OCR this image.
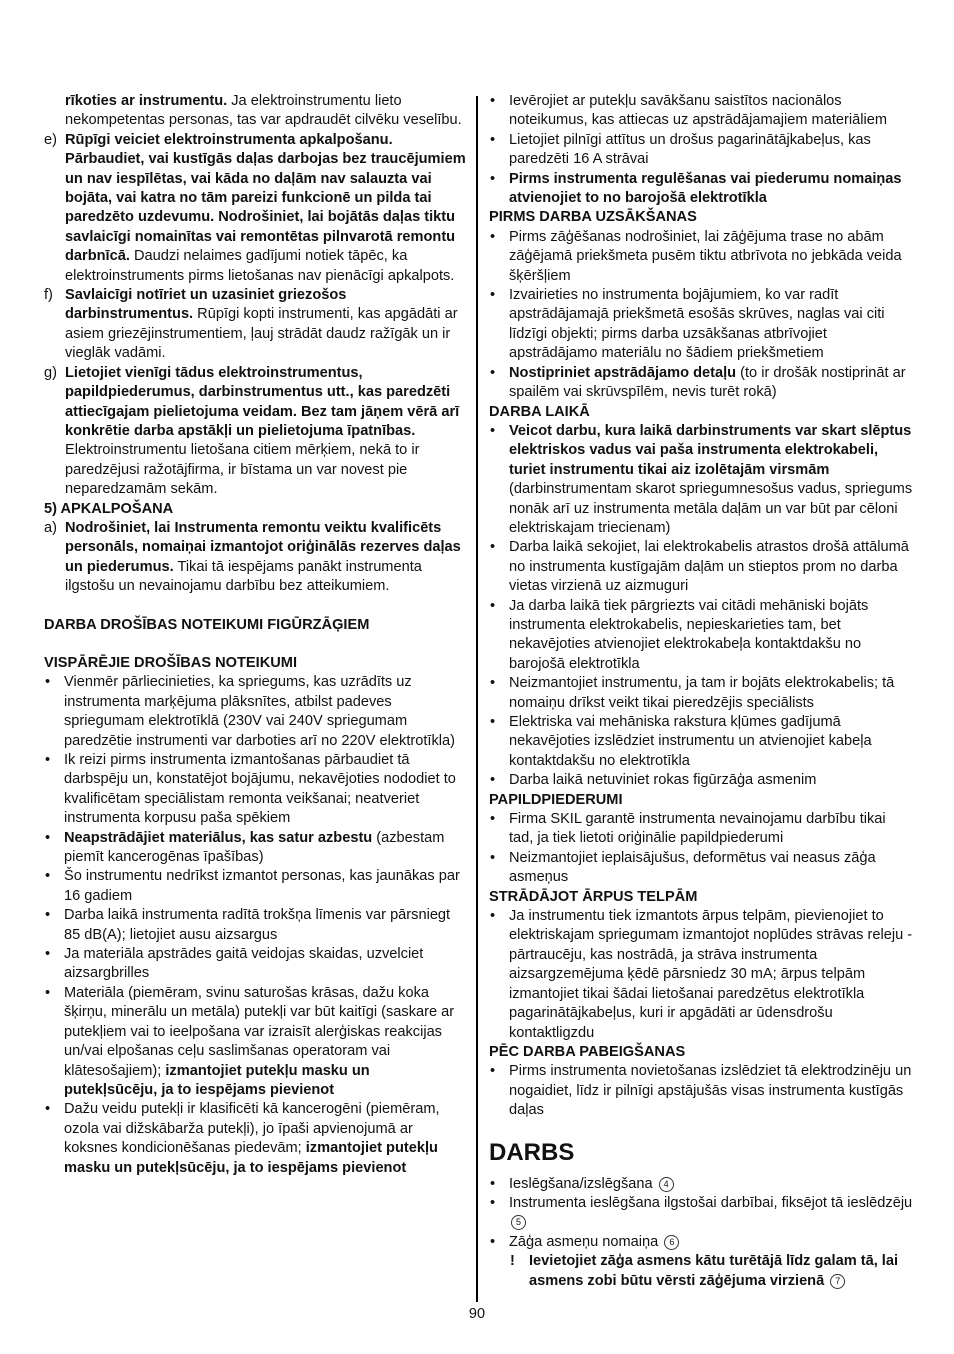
rīkoties ar instrumentu. Ja elektroinstrumentu lieto nekompetentas personas, tas var apdraudēt cilvēku veselību.
e) Rūpīgi veiciet elektroinstrumenta apkalpošanu. Pārbaudiet, vai kustīgās daļas darbojas bez traucējumiem un nav iespīlētas, vai kāda no daļām nav salauzta vai bojāta, vai katra no tām pareizi funkcionē un pilda tai paredzēto uzdevumu. Nodrošiniet, lai bojātās daļas tiktu savlaicīgi nomainītas vai remontētas pilnvarotā remontu darbnīcā. Daudzi nelaimes gadījumi notiek tāpēc, ka elektroinstruments pirms lietošanas nav pienācīgi apkalpots.
f) Savlaicīgi notīriet un uzasiniet griezošos darbinstrumentus. Rūpīgi kopti instrumenti, kas apgādāti ar asiem griezējinstrumentiem, ļauj strādāt daudz ražīgāk un ir vieglāk vadāmi.
g) Lietojiet vienīgi tādus elektroinstrumentus, papildpiederumus, darbinstrumentus utt., kas paredzēti attiecīgajam pielietojuma veidam. Bez tam jāņem vērā arī konkrētie darba apstākļi un pielietojuma īpatnības. Elektroinstrumentu lietošana citiem mērķiem, nekā to ir paredzējusi ražotājfirma, ir bīstama un var novest pie neparedzamām sekām.
5) APKALPOŠANA
a) Nodrošiniet, lai Instrumenta remontu veiktu kvalificēts personāls, nomaiņai izmantojot oriģinālās rezerves daļas un piederumus. Tikai tā iespējams panākt instrumenta ilgstošu un nevainojamu darbību bez atteikumiem.
DARBA DROŠĪBAS NOTEIKUMI FIGŪRZĀĢIEM
VISPĀRĒJIE DROŠĪBAS NOTEIKUMI
• Vienmēr pārliecinieties, ka spriegums, kas uzrādīts uz instrumenta marķējuma plāksnītes, atbilst padeves spriegumam elektrotīklā (230V vai 240V spriegumam paredzētie instrumenti var darboties arī no 220V elektrotīkla)
• Ik reizi pirms instrumenta izmantošanas pārbaudiet tā darbspēju un, konstatējot bojājumu, nekavējoties nododiet to kvalificētam speciālistam remonta veikšanai; neatveriet instrumenta korpusu paša spēkiem
• Neapstrādājiet materiālus, kas satur azbestu (azbestam piemīt kancerogēnas īpašības)
• Šo instrumentu nedrīkst izmantot personas, kas jaunākas par 16 gadiem
• Darba laikā instrumenta radītā trokšņa līmenis var pārsniegt 85 dB(A); lietojiet ausu aizsargus
• Ja materiāla apstrādes gaitā veidojas skaidas, uzvelciet aizsargbrilles
• Materiāla (piemēram, svinu saturošas krāsas, dažu koka šķirņu, minerālu un metāla) putekļi var būt kaitīgi (saskare ar putekļiem vai to ieelpošana var izraisīt alerģiskas reakcijas un/vai elpošanas ceļu saslimšanas operatoram vai klātesošajiem); izmantojiet putekļu masku un putekļsūcēju, ja to iespējams pievienot
• Dažu veidu putekļi ir klasificēti kā kancerogēni (piemēram, ozola vai dižskābarža putekļi), jo īpaši apvienojumā ar koksnes kondicionēšanas piedevām; izmantojiet putekļu masku un putekļsūcēju, ja to iespējams pievienot
• Ievērojiet ar putekļu savākšanu saistītos nacionālos noteikumus, kas attiecas uz apstrādājamajiem materiāliem
• Lietojiet pilnīgi attītus un drošus pagarinātājkabeļus, kas paredzēti 16 A strāvai
• Pirms instrumenta regulēšanas vai piederumu nomaiņas atvienojiet to no barojošā elektrotīkla
PIRMS DARBA UZSĀKŠANAS
• Pirms zāģēšanas nodrošiniet, lai zāģējuma trase no abām zāģējamā priekšmeta pusēm tiktu atbrīvota no jebkāda veida šķēršļiem
• Izvairieties no instrumenta bojājumiem, ko var radīt apstrādājamajā priekšmetā esošās skrūves, naglas vai citi līdzīgi objekti; pirms darba uzsākšanas atbrīvojiet apstrādājamo materiālu no šādiem priekšmetiem
• Nostipriniet apstrādājamo detaļu (to ir drošāk nostiprināt ar spailēm vai skrūvspīlēm, nevis turēt rokā)
DARBA LAIKĀ
• Veicot darbu, kura laikā darbinstruments var skart slēptus elektriskos vadus vai paša instrumenta elektrokabeli, turiet instrumentu tikai aiz izolētajām virsmām (darbinstrumentam skarot spriegumnesošus vadus, spriegums nonāk arī uz instrumenta metāla daļām un var būt par cēloni elektriskajam triecienam)
• Darba laikā sekojiet, lai elektrokabelis atrastos drošā attālumā no instrumenta kustīgajām daļām un stieptos prom no darba vietas virzienā uz aizmuguri
• Ja darba laikā tiek pārgriezts vai citādi mehāniski bojāts instrumenta elektrokabelis, nepieskarieties tam, bet nekavējoties atvienojiet elektrokabeļa kontaktdakšu no barojošā elektrotīkla
• Neizmantojiet instrumentu, ja tam ir bojāts elektrokabelis; tā nomaiņu drīkst veikt tikai pieredzējis speciālists
• Elektriska vai mehāniska rakstura kļūmes gadījumā nekavējoties izslēdziet instrumentu un atvienojiet kabeļa kontaktdakšu no elektrotīkla
• Darba laikā netuviniet rokas figūrzāģa asmenim
PAPILDPIEDERUMI
• Firma SKIL garantē instrumenta nevainojamu darbību tikai tad, ja tiek lietoti oriģinālie papildpiederumi
• Neizmantojiet ieplaisājušus, deformētus vai neasus zāģa asmeņus
STRĀDĀJOT ĀRPUS TELPĀM
• Ja instrumentu tiek izmantots ārpus telpām, pievienojiet to elektriskajam spriegumam izmantojot noplūdes strāvas releju - pārtraucēju, kas nostrādā, ja strāva instrumenta aizsargzemējuma ķēdē pārsniedz 30 mA; ārpus telpām izmantojiet tikai šādai lietošanai paredzētus elektrotīkla pagarinātājkabeļus, kuri ir apgādāti ar ūdensdrošu kontaktligzdu
PĒC DARBA PABEIGŠANAS
• Pirms instrumenta novietošanas izslēdziet tā elektrodzinēju un nogaidiet, līdz ir pilnīgi apstājušās visas instrumenta kustīgās daļas
DARBS
• Ieslēgšana/izslēgšana 4
• Instrumenta ieslēgšana ilgstošai darbībai, fiksējot tā ieslēdzēju 5
• Zāģa asmeņu nomaiņa 6
! Ievietojiet zāģa asmens kātu turētājā līdz galam tā, lai asmens zobi būtu vērsti zāģējuma virzienā 7
90
